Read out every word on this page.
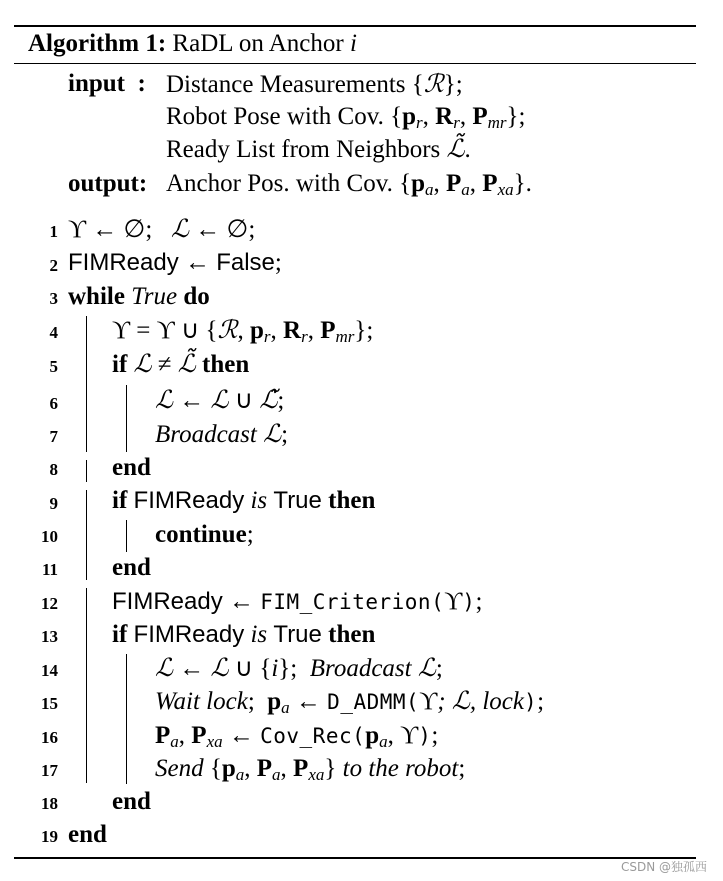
Algorithm 1: RaDL on Anchor i
input  : Distance Measurements {ℛ};
Robot Pose with Cov. {$p_r$, $R_r$, $P_{mr}$};
Ready List from Neighbors ℒ̃.
output: Anchor Pos. with Cov. {$p_a$, $P_a$, $P_{xa}$}.
1
2
3
4
5
6
7
8
9
10
11
12
13
14
15
16
17
18
19
ϒ ← ∅;   ℒ ← ∅;
FIMReady ← False;
while True do
ϒ = ϒ ∪ {ℛ, $p_r$, $R_r$, $P_{mr}$};
if ℒ ≠ ℒ̃ then
ℒ ← ℒ ∪ ℒ̃;
Broadcast ℒ;
end
if FIMReady is True then
continue;
end
FIMReady ← FIM_Criterion(ϒ);
if FIMReady is True then
ℒ ← ℒ ∪ {i};  Broadcast ℒ;
Wait lock;  $p_a$ ← D_ADMM(ϒ; ℒ, lock);
$P_a$, $P_{xa}$ ← $Cov\_Rec(p_a$, ϒ);
Send {$p_a$, $P_a$, $P_{xa}$} to the robot;
end
end
CSDN @独孤西
